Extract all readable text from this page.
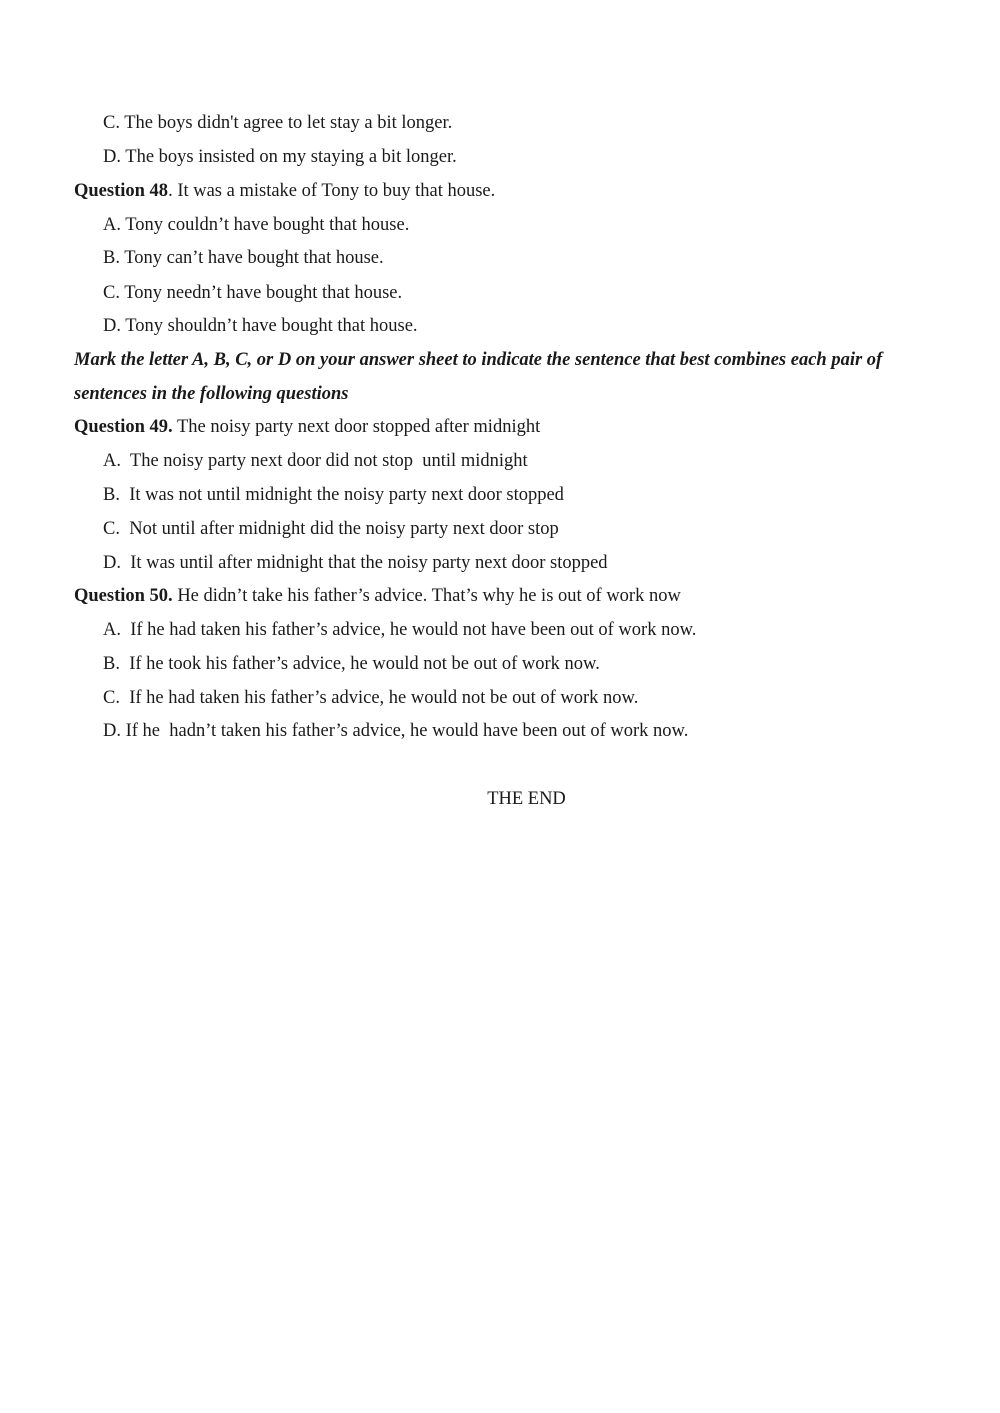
C. The boys didn't agree to let stay a bit longer.
D. The boys insisted on my staying a bit longer.
Question 48. It was a mistake of Tony to buy that house.
A. Tony couldn’t have bought that house.
B. Tony can’t have bought that house.
C. Tony needn’t have bought that house.
D. Tony shouldn’t have bought that house.
Mark the letter A, B, C, or D on your answer sheet to indicate the sentence that best combines each pair of
sentences in the following questions
Question 49. The noisy party next door stopped after midnight
A.  The noisy party next door did not stop  until midnight
B.  It was not until midnight the noisy party next door stopped
C.  Not until after midnight did the noisy party next door stop
D.  It was until after midnight that the noisy party next door stopped
Question 50. He didn’t take his father’s advice. That’s why he is out of work now
A.  If he had taken his father’s advice, he would not have been out of work now.
B.  If he took his father’s advice, he would not be out of work now.
C.  If he had taken his father’s advice, he would not be out of work now.
D. If he  hadn’t taken his father’s advice, he would have been out of work now.
THE END
